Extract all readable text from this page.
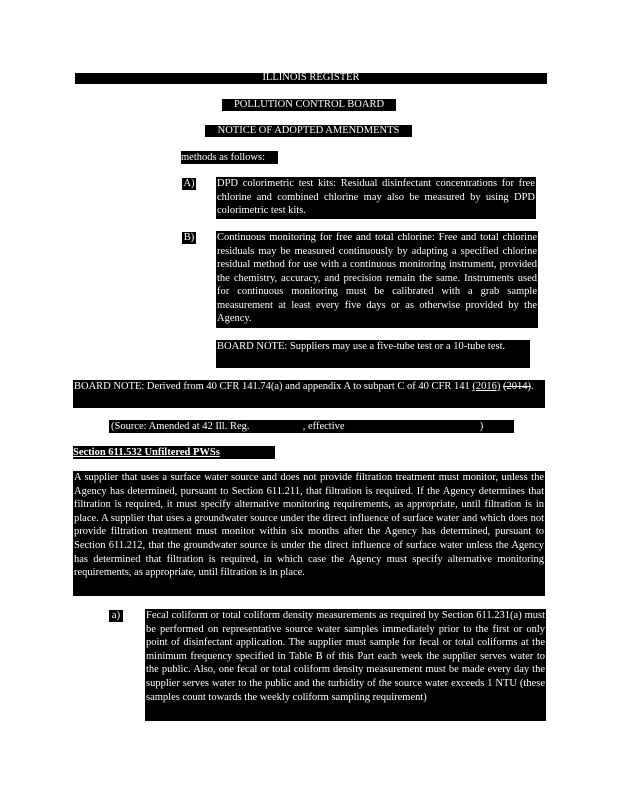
ILLINOIS REGISTER
POLLUTION CONTROL BOARD
NOTICE OF ADOPTED AMENDMENTS
methods as follows:
A) DPD colorimetric test kits: Residual disinfectant concentrations for free chlorine and combined chlorine may also be measured by using DPD colorimetric test kits.
B) Continuous monitoring for free and total chlorine: Free and total chlorine residuals may be measured continuously by adapting a specified chlorine residual method for use with a continuous monitoring instrument, provided the chemistry, accuracy, and precision remain the same. Instruments used for continuous monitoring must be calibrated with a grab sample measurement at least every five days or as otherwise provided by the Agency.
BOARD NOTE: Suppliers may use a five-tube test or a 10-tube test.
BOARD NOTE: Derived from 40 CFR 141.74(a) and appendix A to subpart C of 40 CFR 141 (2016) (2014).
(Source: Amended at 42 Ill. Reg.	, effective	)
Section 611.532 Unfiltered PWSs
A supplier that uses a surface water source and does not provide filtration treatment must monitor, unless the Agency has determined, pursuant to Section 611.211, that filtration is required. If the Agency determines that filtration is required, it must specify alternative monitoring requirements, as appropriate, until filtration is in place. A supplier that uses a groundwater source under the direct influence of surface water and which does not provide filtration treatment must monitor within six months after the Agency has determined, pursuant to Section 611.212, that the groundwater source is under the direct influence of surface water unless the Agency has determined that filtration is required, in which case the Agency must specify alternative monitoring requirements, as appropriate, until filtration is in place.
a) Fecal coliform or total coliform density measurements as required by Section 611.231(a) must be performed on representative source water samples immediately prior to the first or only point of disinfectant application. The supplier must sample for fecal or total coliforms at the minimum frequency specified in Table B of this Part each week the supplier serves water to the public. Also, one fecal or total coliform density measurement must be made every day the supplier serves water to the public and the turbidity of the source water exceeds 1 NTU (these samples count towards the weekly coliform sampling requirement)
